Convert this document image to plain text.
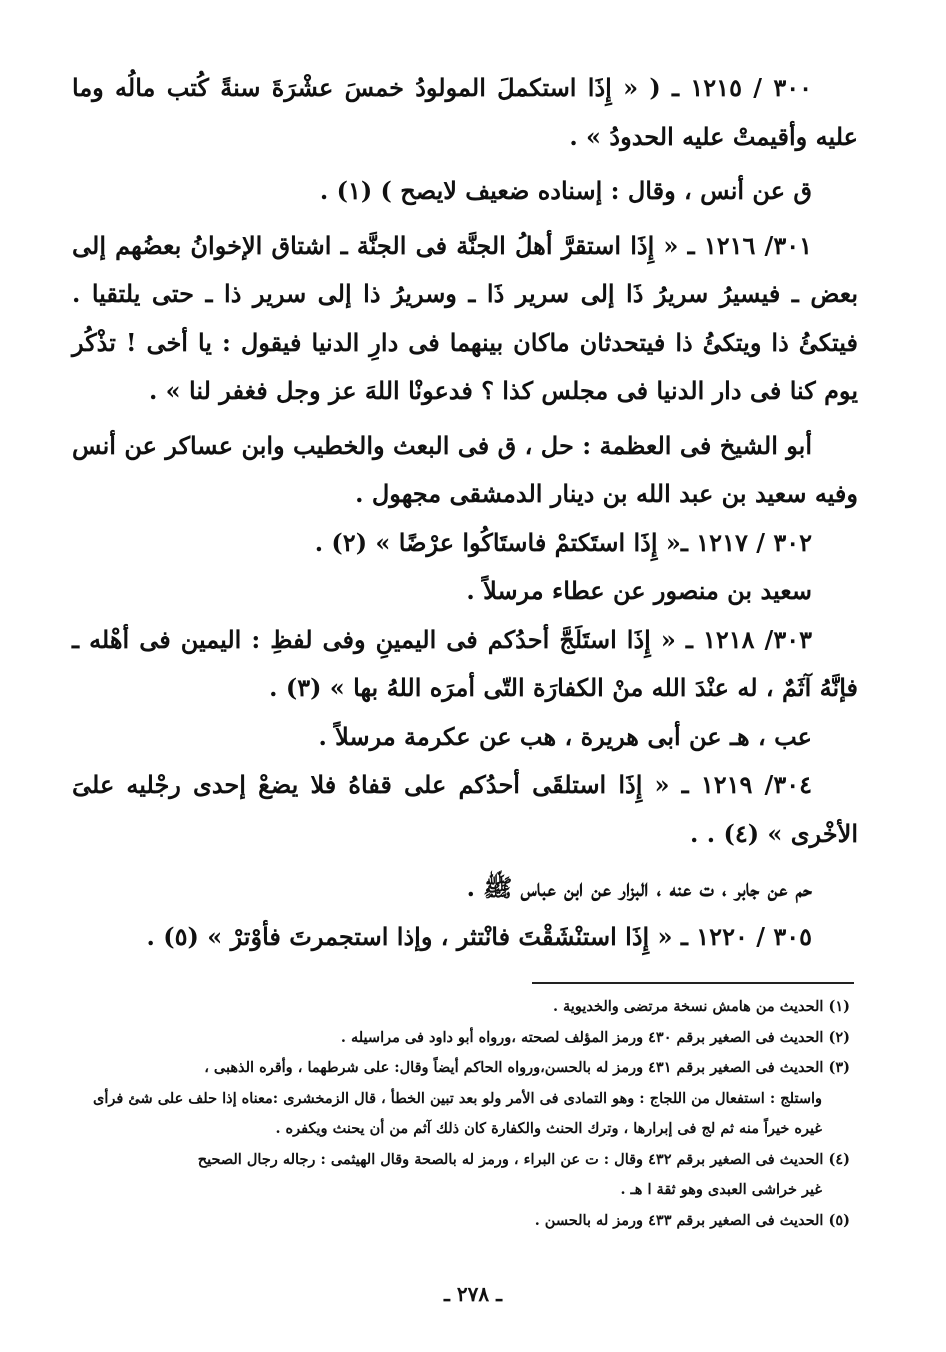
٣٠٠ / ١٢١٥ ـ ( « إِذَا استكملَ المولودُ خمسَ عشْرَةَ سنةً كُتب مالُه وما عليه وأقيمتْ عليه الحدودُ » .

ق عن أنس ، وقال : إسناده ضعيف لايصح ) (١) .

٣٠١/ ١٢١٦ ـ « إِذَا استقرَّ أهلُ الجنَّة فى الجنَّة ـ اشتاق الإخوانُ بعضُهم إلى بعض ـ فيسيرُ سريرُ ذَا إلى سرير ذَا ـ وسريرُ ذا إلى سرير ذا ـ حتى يلتقيا . فيتكئُ ذا ويتكئُ ذا فيتحدثان ماكان بينهما فى دارِ الدنيا فيقول : يا أخى ! تذْكُر يوم كنا فى دار الدنيا فى مجلس كذا ؟ فدعونْا اللهَ عز وجل فغفر لنا » .

أبو الشيخ فى العظمة : حل ، ق فى البعث والخطيب وابن عساكر عن أنس وفيه سعيد بن عبد الله بن دينار الدمشقى مجهول .

٣٠٢ / ١٢١٧ ـ« إِذَا استَكتمْ فاستَاكُوا عرْضًا » (٢) .

سعيد بن منصور عن عطاء مرسلاً .

٣٠٣/ ١٢١٨ ـ « إِذَا استَلَجَّ أحدُكم فى اليمينِ وفى لفظِ : اليمين فى أهْله ـ فإنَّهُ آثَمٌ ، له عنْدَ الله منْ الكفارَة التّى أمرَه اللهُ بها » (٣) .

عب ، هـ عن أبى هريرة ، هب عن عكرمة مرسلاً .

٣٠٤/ ١٢١٩ ـ « إِذَا استلقَى أحدُكم على قفاهُ فلا يضعْ إحدى رجْليه علىَ الأخْرى » (٤) . .

حم عن جابر ، ت عنه ، البزار عن ابن عباس ﷺ .

٣٠٥ / ١٢٢٠ ـ « إِذَا استنْشَقْتَ فانْتثر ، وإذا استجمرتَ فأوْترْ » (٥) .

(١) الحديث من هامش نسخة مرتضى والخديوية .

(٢) الحديث فى الصغير برقم ٤٣٠ ورمز المؤلف لصحته ،ورواه أبو داود فى مراسيله .

(٣) الحديث فى الصغير برقم ٤٣١ ورمز له بالحسن،ورواه الحاكم أيضاً وقال: على شرطهما ، وأقره الذهبى ،
واستلج : استفعال من اللجاج : وهو التمادى فى الأمر ولو بعد تبين الخطأ ، قال الزمخشرى :معناه إذا حلف على شئ فرأى غيره خيراً منه ثم لج فى إبرارها ، وترك الحنث والكفارة كان ذلك آثم من أن يحنث ويكفره .

(٤) الحديث فى الصغير برقم ٤٣٢ وقال : ت عن البراء ، ورمز له بالصحة وقال الهيثمى : رجاله رجال الصحيح
غير خراشى العبدى وهو ثقة ا هـ .

(٥) الحديث فى الصغير برقم ٤٣٣ ورمز له بالحسن .

ـ ٢٧٨ ـ
